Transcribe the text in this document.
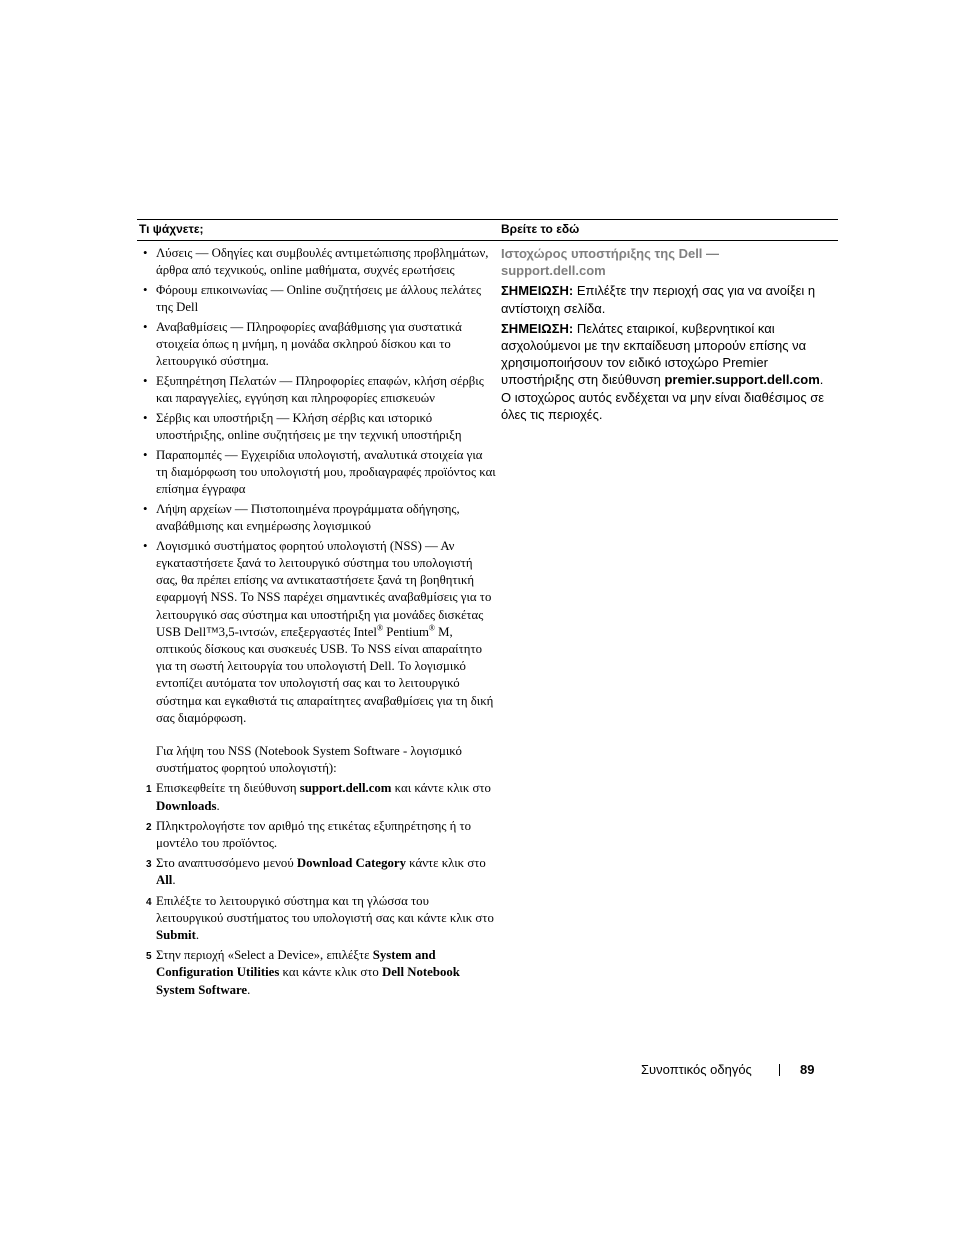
Τι ψάχνετε;	Βρείτε το εδώ
• Λύσεις — Οδηγίες και συμβουλές αντιμετώπισης προβλημάτων, άρθρα από τεχνικούς, online μαθήματα, συχνές ερωτήσεις
• Φόρουμ επικοινωνίας — Online συζητήσεις με άλλους πελάτες της Dell
• Αναβαθμίσεις — Πληροφορίες αναβάθμισης για συστατικά στοιχεία όπως η μνήμη, η μονάδα σκληρού δίσκου και το λειτουργικό σύστημα.
• Εξυπηρέτηση Πελατών — Πληροφορίες επαφών, κλήση σέρβις και παραγγελίες, εγγύηση και πληροφορίες επισκευών
• Σέρβις και υποστήριξη — Κλήση σέρβις και ιστορικό υποστήριξης, online συζητήσεις με την τεχνική υποστήριξη
• Παραπομπές — Εγχειρίδια υπολογιστή, αναλυτικά στοιχεία για τη διαμόρφωση του υπολογιστή μου, προδιαγραφές προϊόντος και επίσημα έγγραφα
• Λήψη αρχείων — Πιστοποιημένα προγράμματα οδήγησης, αναβάθμισης και ενημέρωσης λογισμικού
• Λογισμικό συστήματος φορητού υπολογιστή (NSS) — Αν εγκαταστήσετε ξανά το λειτουργικό σύστημα του υπολογιστή σας, θα πρέπει επίσης να αντικαταστήσετε ξανά τη βοηθητική εφαρμογή NSS. Το NSS παρέχει σημαντικές αναβαθμίσεις για το λειτουργικό σας σύστημα και υποστήριξη για μονάδες δισκέτας USB Dell™3,5-ιντσών, επεξεργαστές Intel® Pentium® M, οπτικούς δίσκους και συσκευές USB. Το NSS είναι απαραίτητο για τη σωστή λειτουργία του υπολογιστή Dell. Το λογισμικό εντοπίζει αυτόματα τον υπολογιστή σας και το λειτουργικό σύστημα και εγκαθιστά τις απαραίτητες αναβαθμίσεις για τη δική σας διαμόρφωση.
Για λήψη του NSS (Notebook System Software - λογισμικό συστήματος φορητού υπολογιστή):
1 Επισκεφθείτε τη διεύθυνση support.dell.com και κάντε κλικ στο Downloads.
2 Πληκτρολογήστε τον αριθμό της ετικέτας εξυπηρέτησης ή το μοντέλο του προϊόντος.
3 Στο αναπτυσσόμενο μενού Download Category κάντε κλικ στο All.
4 Επιλέξτε το λειτουργικό σύστημα και τη γλώσσα του λειτουργικού συστήματος του υπολογιστή σας και κάντε κλικ στο Submit.
5 Στην περιοχή «Select a Device», επιλέξτε System and Configuration Utilities και κάντε κλικ στο Dell Notebook System Software.
Ιστοχώρος υποστήριξης της Dell —
support.dell.com
ΣΗΜΕΙΩΣΗ: Επιλέξτε την περιοχή σας για να ανοίξει η αντίστοιχη σελίδα.
ΣΗΜΕΙΩΣΗ: Πελάτες εταιρικοί, κυβερνητικοί και ασχολούμενοι με την εκπαίδευση μπορούν επίσης να χρησιμοποιήσουν τον ειδικό ιστοχώρο Premier υποστήριξης στη διεύθυνση premier.support.dell.com. Ο ιστοχώρος αυτός ενδέχεται να μην είναι διαθέσιμος σε όλες τις περιοχές.
Συνοπτικός οδηγός	89
